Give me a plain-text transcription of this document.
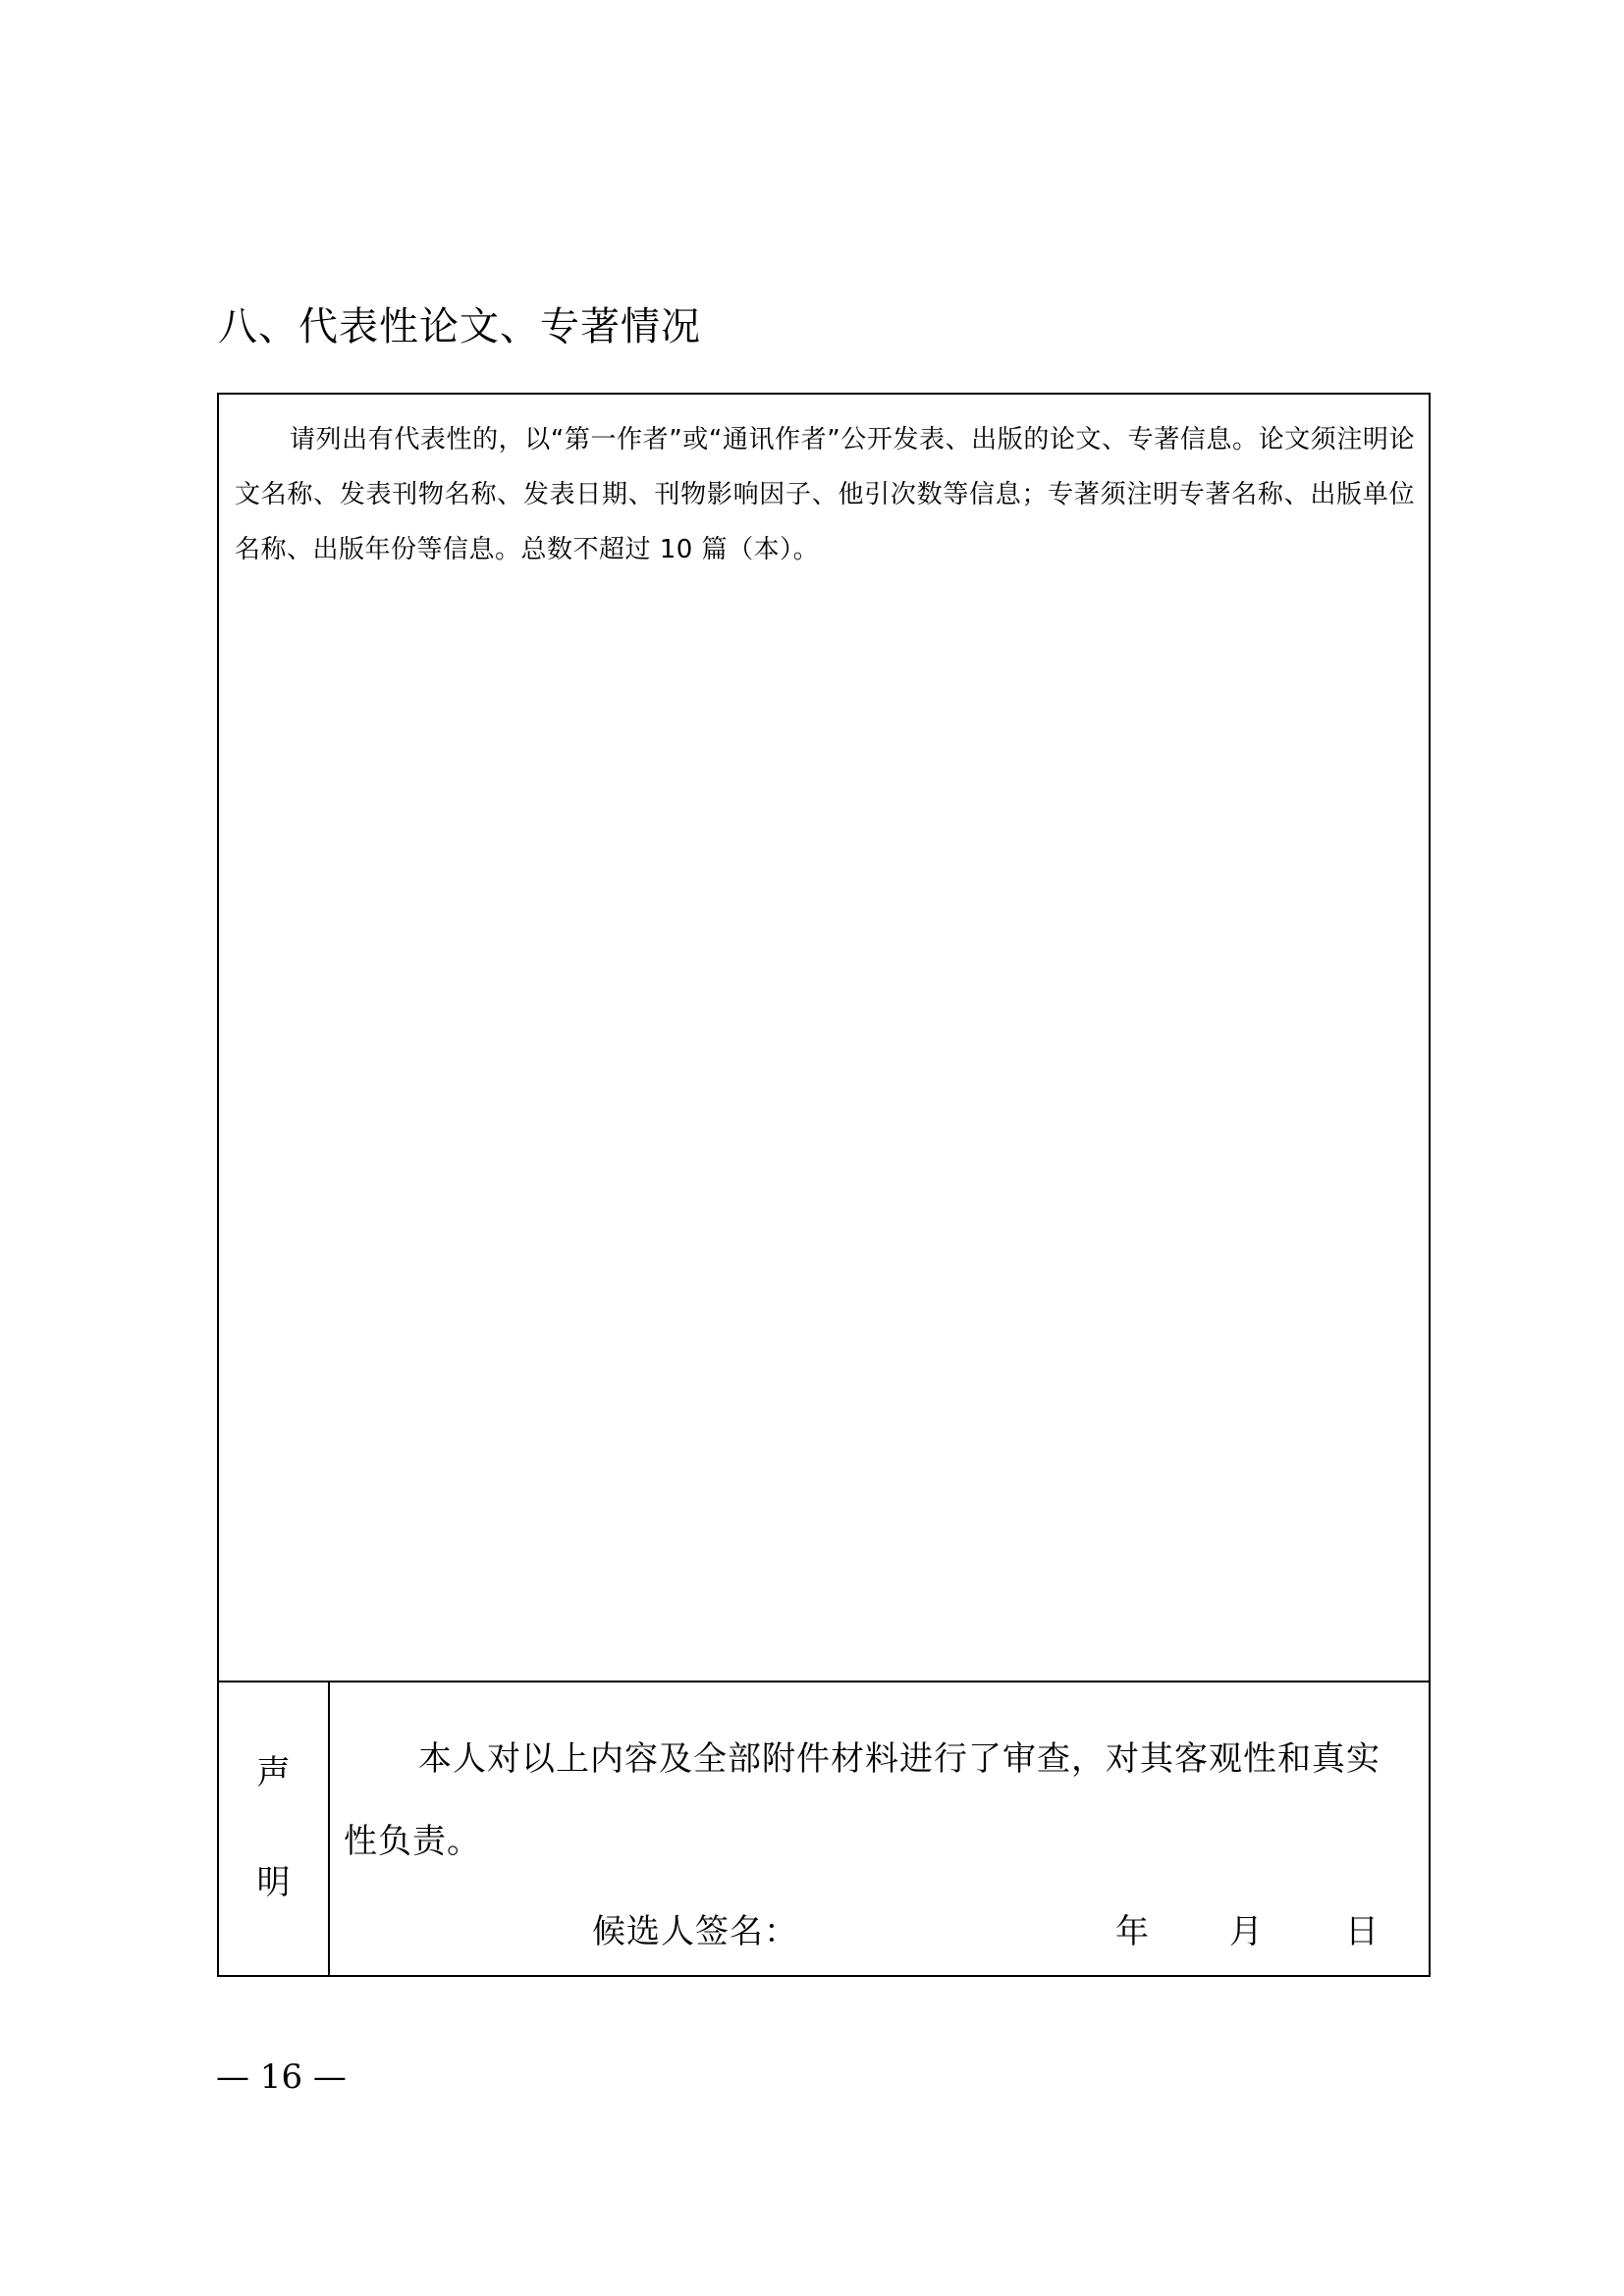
八、代表性论文、专著情况
请列出有代表性的，以“第一作者”或“通讯作者”公开发表、出版的论文、专著信息。论文须注明论文名称、发表刊物名称、发表日期、刊物影响因子、他引次数等信息；专著须注明专著名称、出版单位名称、出版年份等信息。总数不超过 10 篇（本）。
声
明
本人对以上内容及全部附件材料进行了审查，对其客观性和真实性负责。
候选人签名：	年 月 日
— 16 —
